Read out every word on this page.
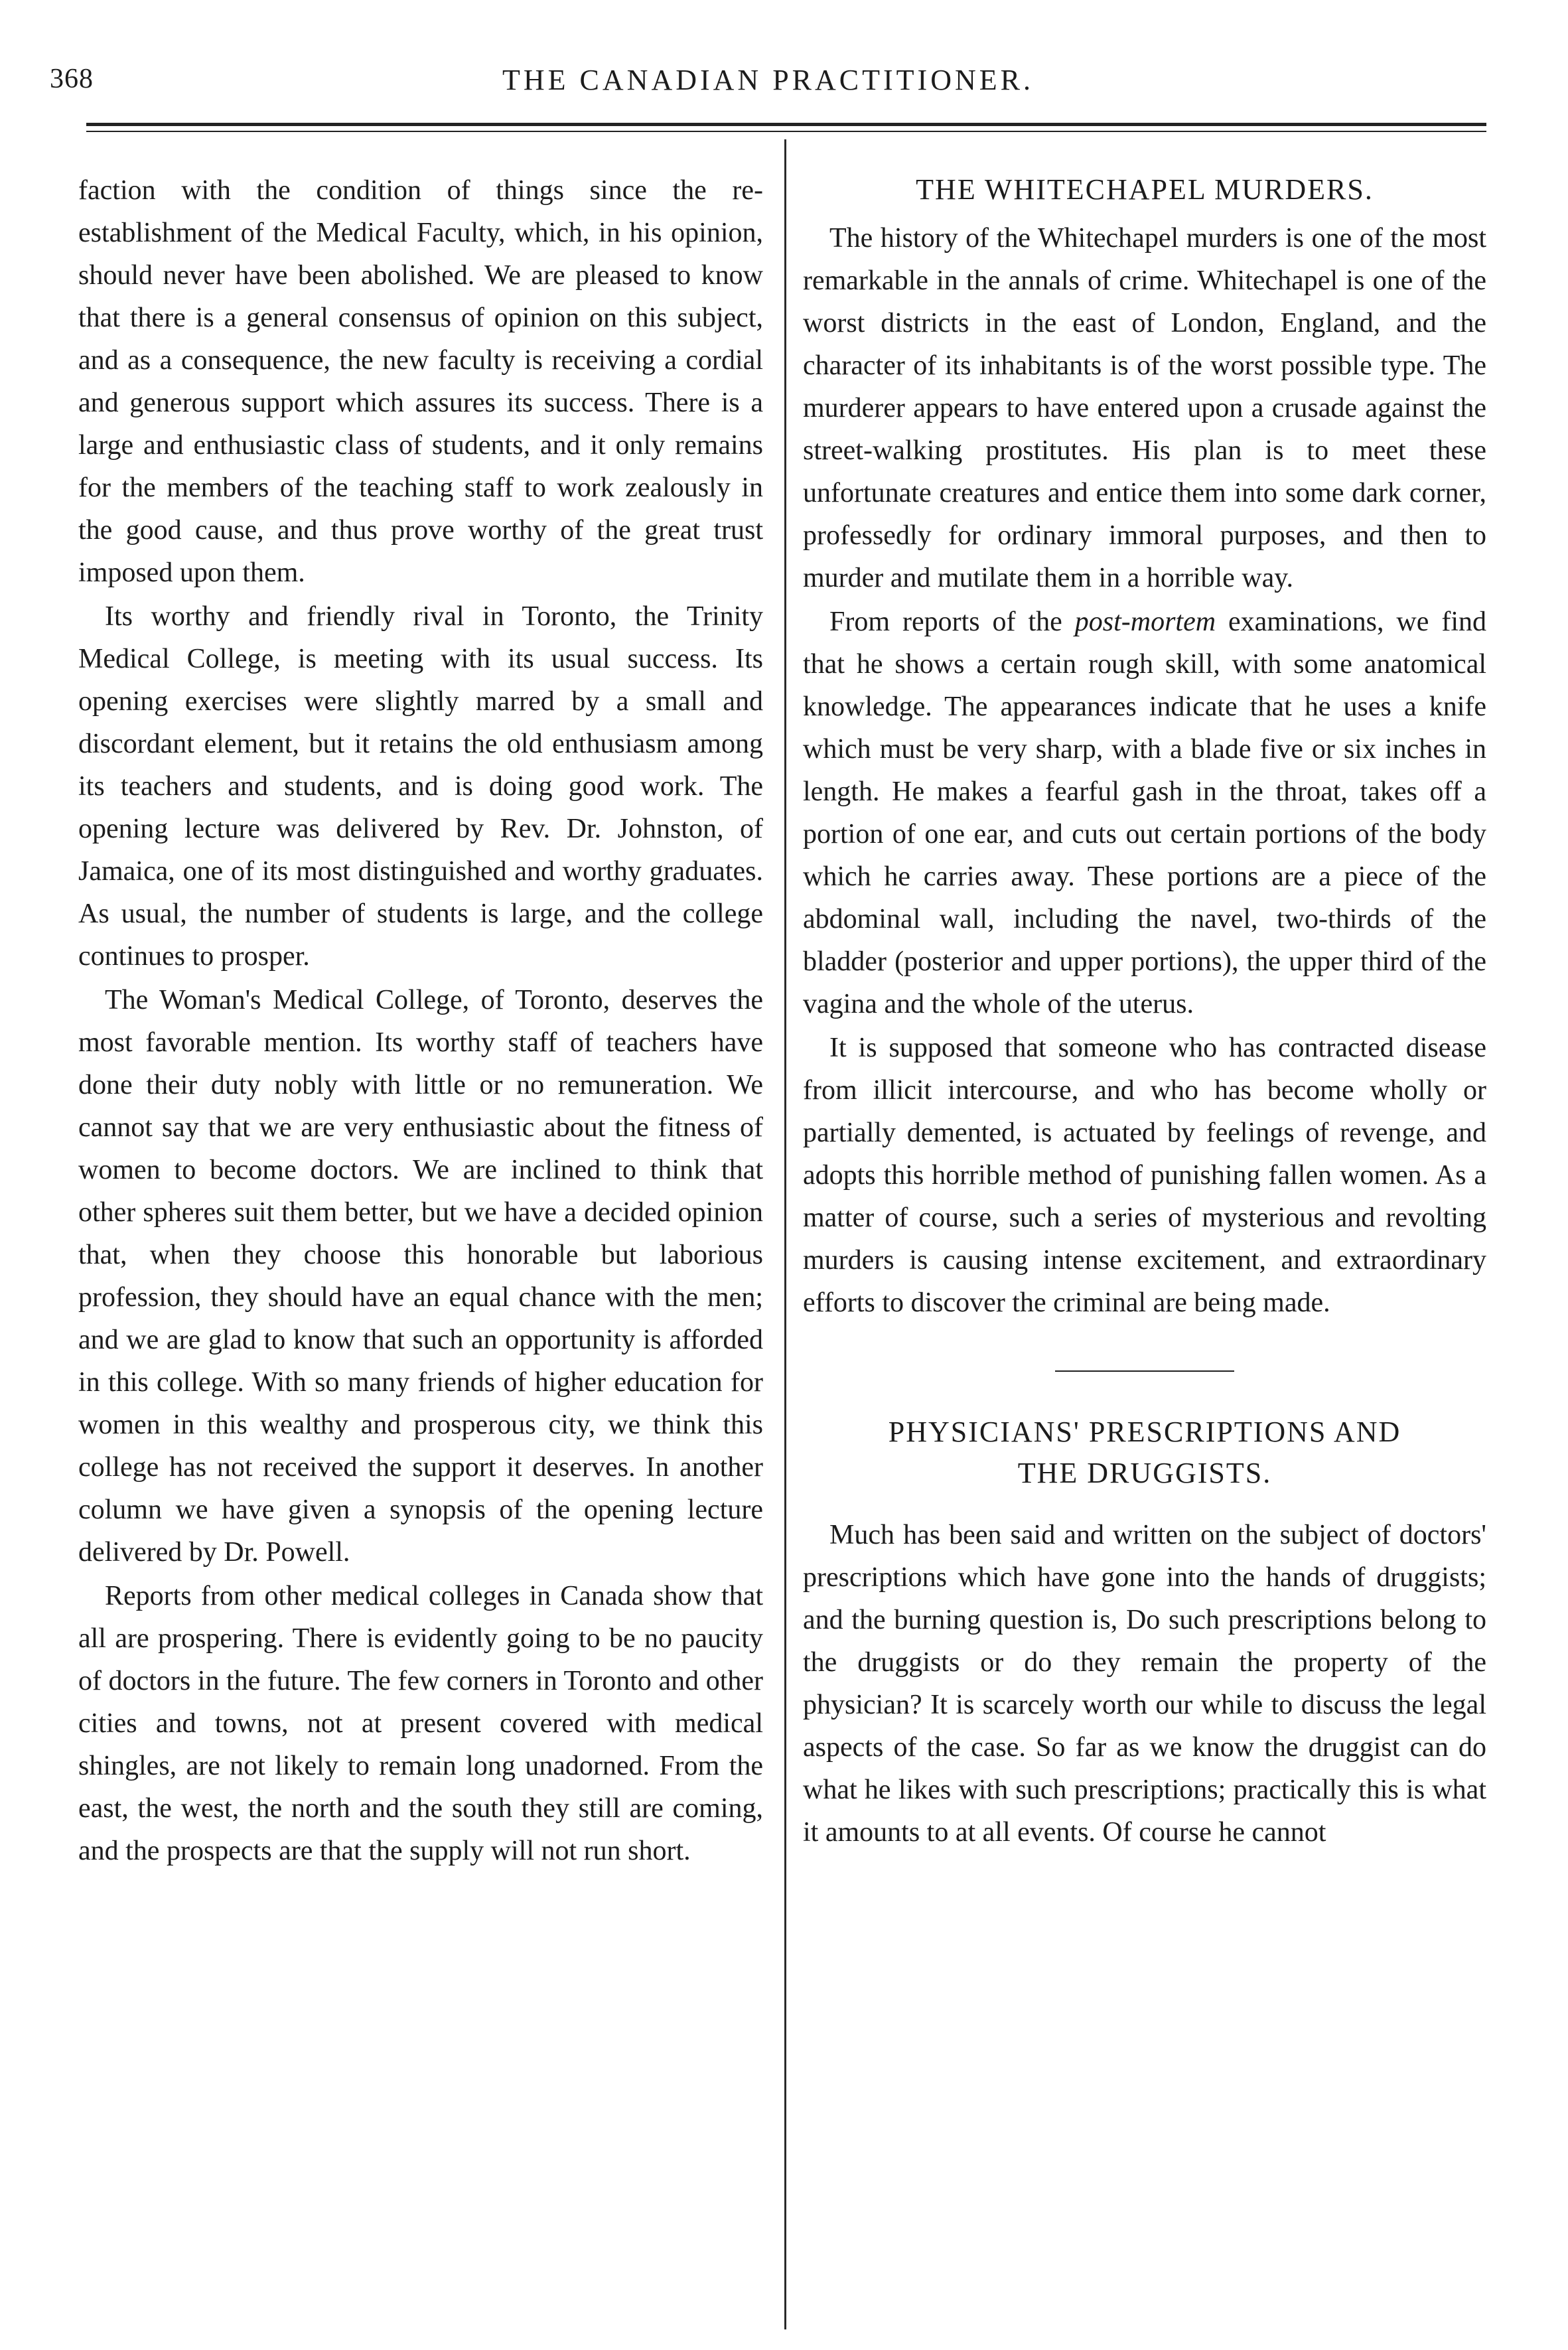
368	THE CANADIAN PRACTITIONER.

faction with the condition of things since the re-establishment of the Medical Faculty, which, in his opinion, should never have been abolished. We are pleased to know that there is a general consensus of opinion on this subject, and as a consequence, the new faculty is receiving a cordial and generous support which assures its success. There is a large and enthusiastic class of students, and it only remains for the members of the teaching staff to work zealously in the good cause, and thus prove worthy of the great trust imposed upon them.

Its worthy and friendly rival in Toronto, the Trinity Medical College, is meeting with its usual success. Its opening exercises were slightly marred by a small and discordant element, but it retains the old enthusiasm among its teachers and students, and is doing good work. The opening lecture was delivered by Rev. Dr. Johnston, of Jamaica, one of its most distinguished and worthy graduates. As usual, the number of students is large, and the college continues to prosper.

The Woman's Medical College, of Toronto, deserves the most favorable mention. Its worthy staff of teachers have done their duty nobly with little or no remuneration. We cannot say that we are very enthusiastic about the fitness of women to become doctors. We are inclined to think that other spheres suit them better, but we have a decided opinion that, when they choose this honorable but laborious profession, they should have an equal chance with the men; and we are glad to know that such an opportunity is afforded in this college. With so many friends of higher education for women in this wealthy and prosperous city, we think this college has not received the support it deserves. In another column we have given a synopsis of the opening lecture delivered by Dr. Powell.

Reports from other medical colleges in Canada show that all are prospering. There is evidently going to be no paucity of doctors in the future. The few corners in Toronto and other cities and towns, not at present covered with medical shingles, are not likely to remain long unadorned. From the east, the west, the north and the south they still are coming, and the prospects are that the supply will not run short.

THE WHITECHAPEL MURDERS.

The history of the Whitechapel murders is one of the most remarkable in the annals of crime. Whitechapel is one of the worst districts in the east of London, England, and the character of its inhabitants is of the worst possible type. The murderer appears to have entered upon a crusade against the street-walking prostitutes. His plan is to meet these unfortunate creatures and entice them into some dark corner, professedly for ordinary immoral purposes, and then to murder and mutilate them in a horrible way.

From reports of the post-mortem examinations, we find that he shows a certain rough skill, with some anatomical knowledge. The appearances indicate that he uses a knife which must be very sharp, with a blade five or six inches in length. He makes a fearful gash in the throat, takes off a portion of one ear, and cuts out certain portions of the body which he carries away. These portions are a piece of the abdominal wall, including the navel, two-thirds of the bladder (posterior and upper portions), the upper third of the vagina and the whole of the uterus.

It is supposed that someone who has contracted disease from illicit intercourse, and who has become wholly or partially demented, is actuated by feelings of revenge, and adopts this horrible method of punishing fallen women. As a matter of course, such a series of mysterious and revolting murders is causing intense excitement, and extraordinary efforts to discover the criminal are being made.

PHYSICIANS' PRESCRIPTIONS AND
THE DRUGGISTS.

Much has been said and written on the subject of doctors' prescriptions which have gone into the hands of druggists; and the burning question is, Do such prescriptions belong to the druggists or do they remain the property of the physician? It is scarcely worth our while to discuss the legal aspects of the case. So far as we know the druggist can do what he likes with such prescriptions; practically this is what it amounts to at all events. Of course he cannot
